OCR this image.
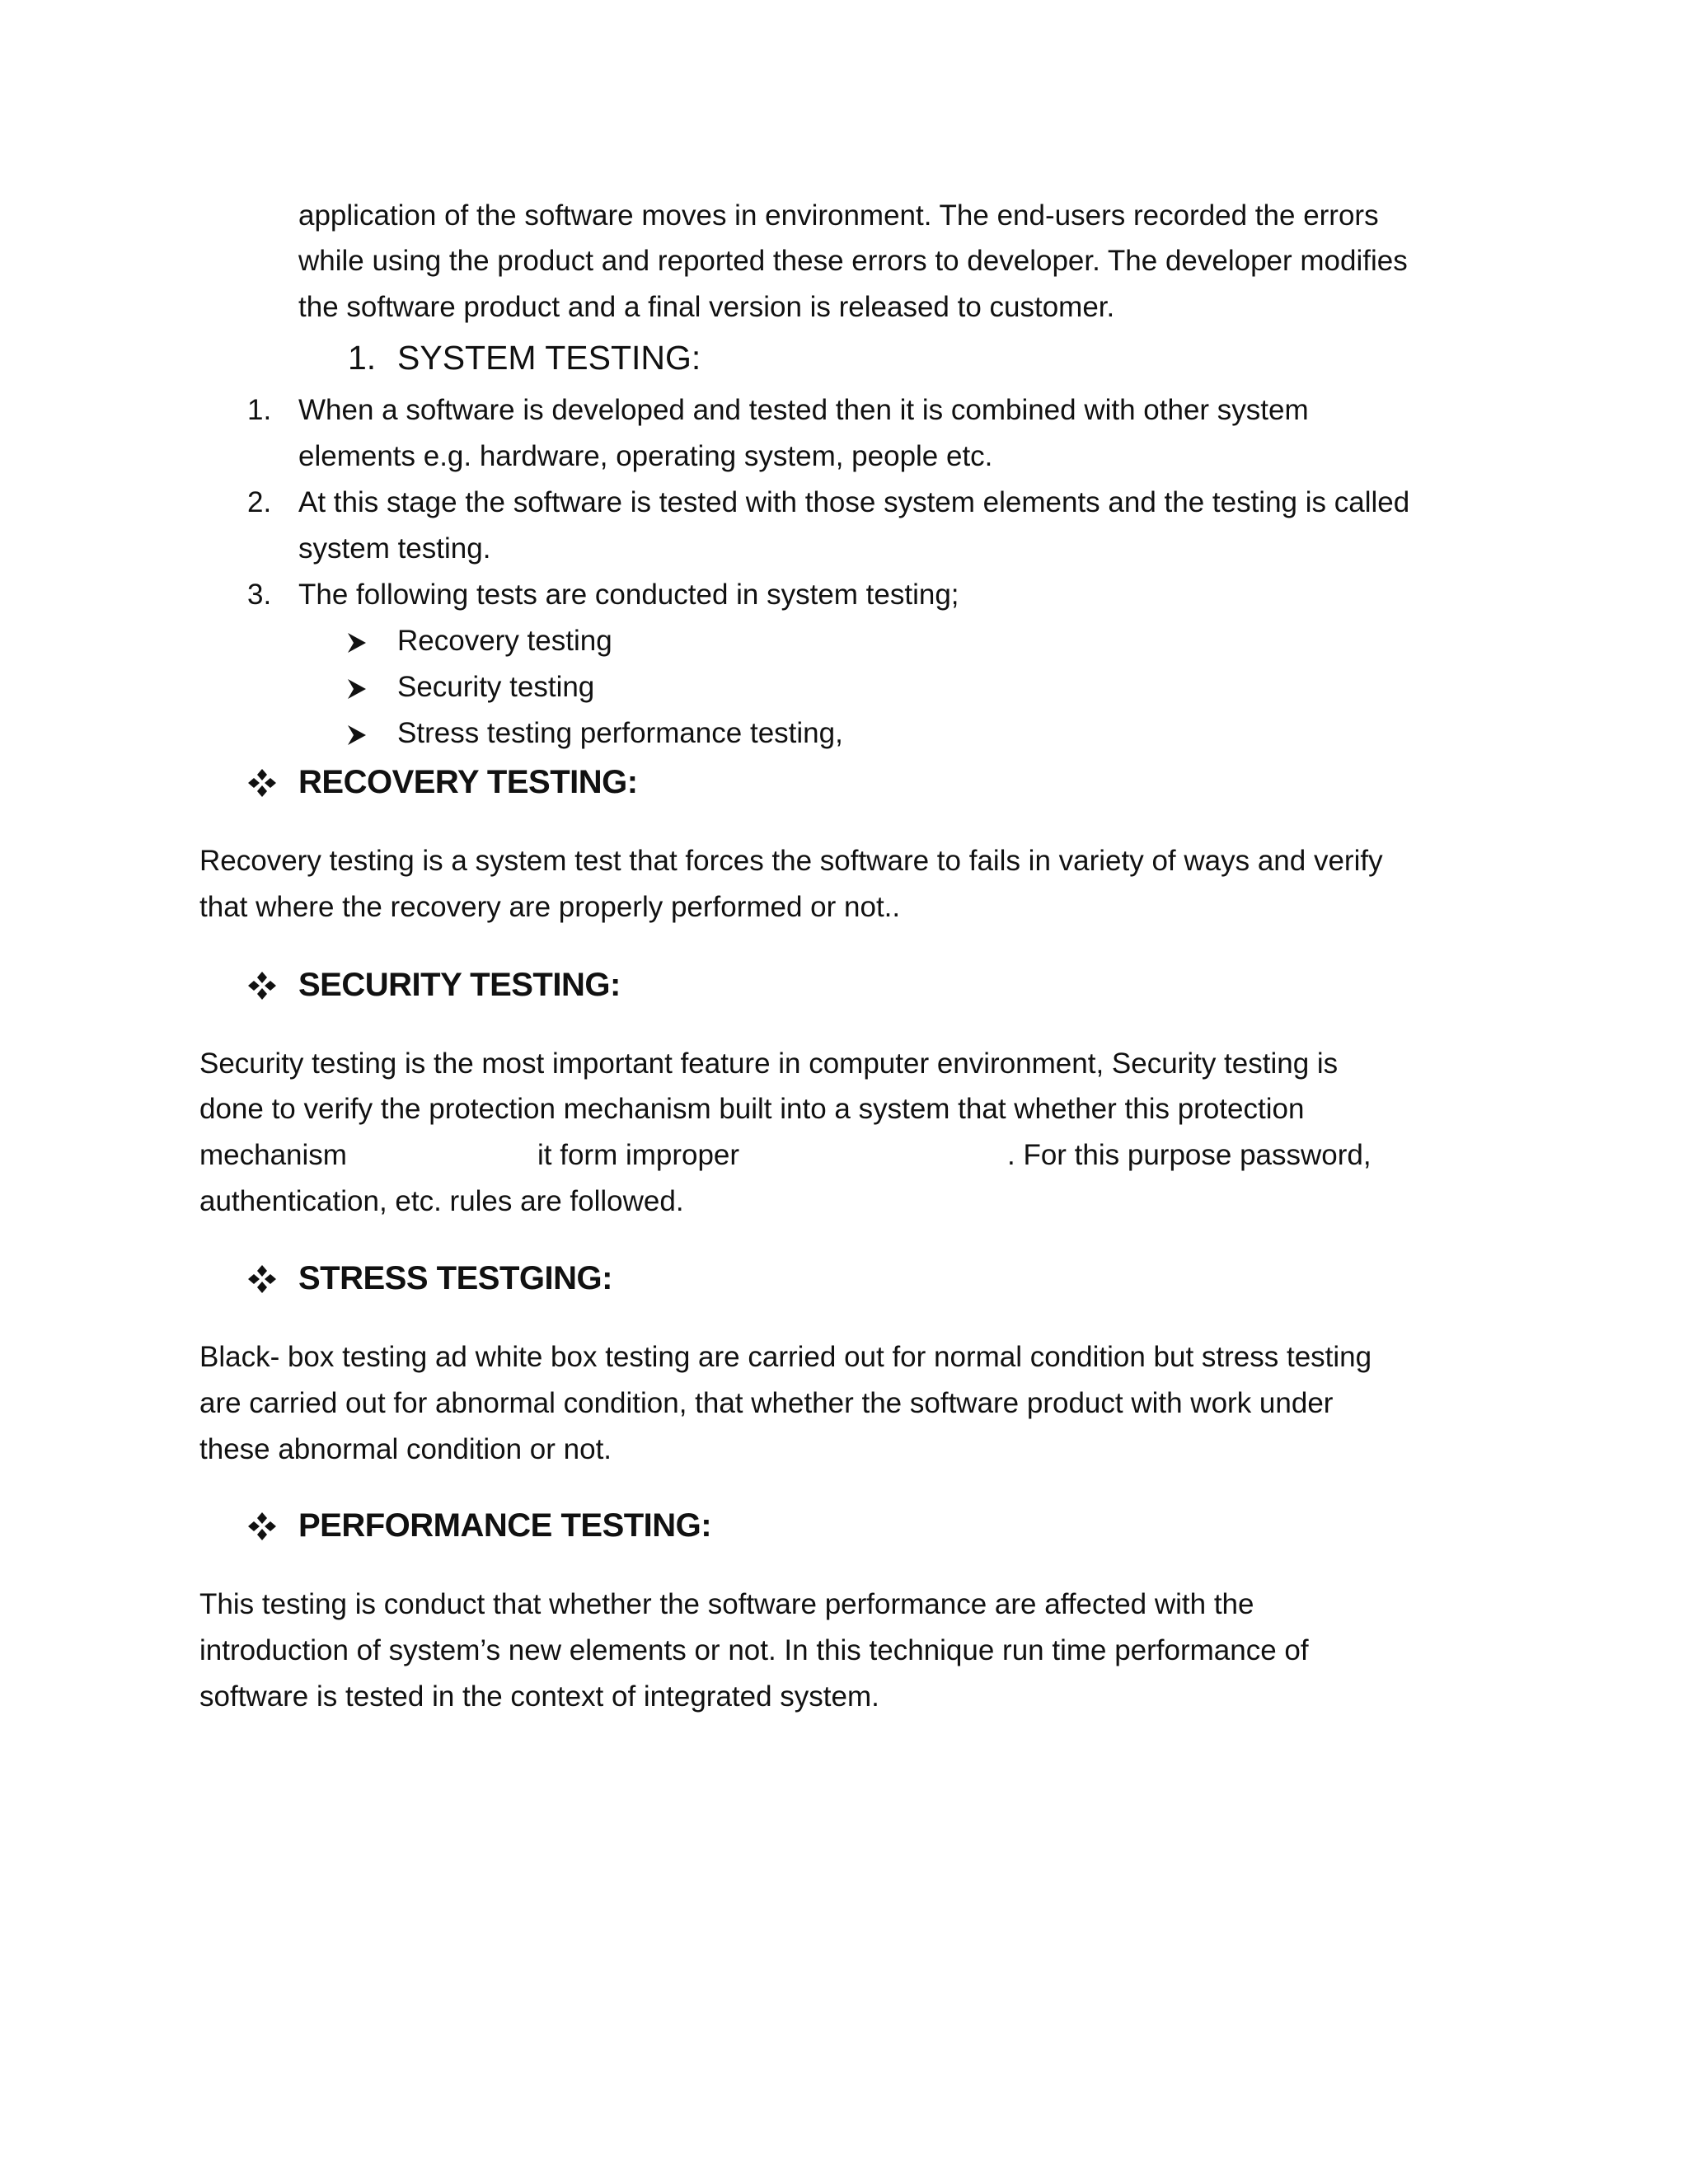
application of the software moves in environment. The end-users recorded the errors
while using the product and reported these errors to developer. The developer modifies
the software product and a final version is released to customer.
1. SYSTEM TESTING:
1. When a software is developed and tested then it is combined with other system
elements e.g. hardware, operating system, people etc.
2. At this stage the software is tested with those system elements and the testing is called
system testing.
3. The following tests are conducted in system testing;
Recovery testing
Security testing
Stress testing performance testing,
RECOVERY TESTING:
Recovery testing is a system test that forces the software to fails in variety of ways and verify
that where the recovery are properly performed or not..
SECURITY TESTING:
Security testing is the most important feature in computer environment, Security testing is
done to verify the protection mechanism built into a system that whether this protection
mechanism	it form improper	. For this purpose password,
authentication, etc. rules are followed.
STRESS TESTGING:
Black- box testing ad white box testing are carried out for normal condition but stress testing
are carried out for abnormal condition, that whether the software product with work under
these abnormal condition or not.
PERFORMANCE TESTING:
This testing is conduct that whether the software performance are affected with the
introduction of system’s new elements or not. In this technique run time performance of
software is tested in the context of integrated system.
